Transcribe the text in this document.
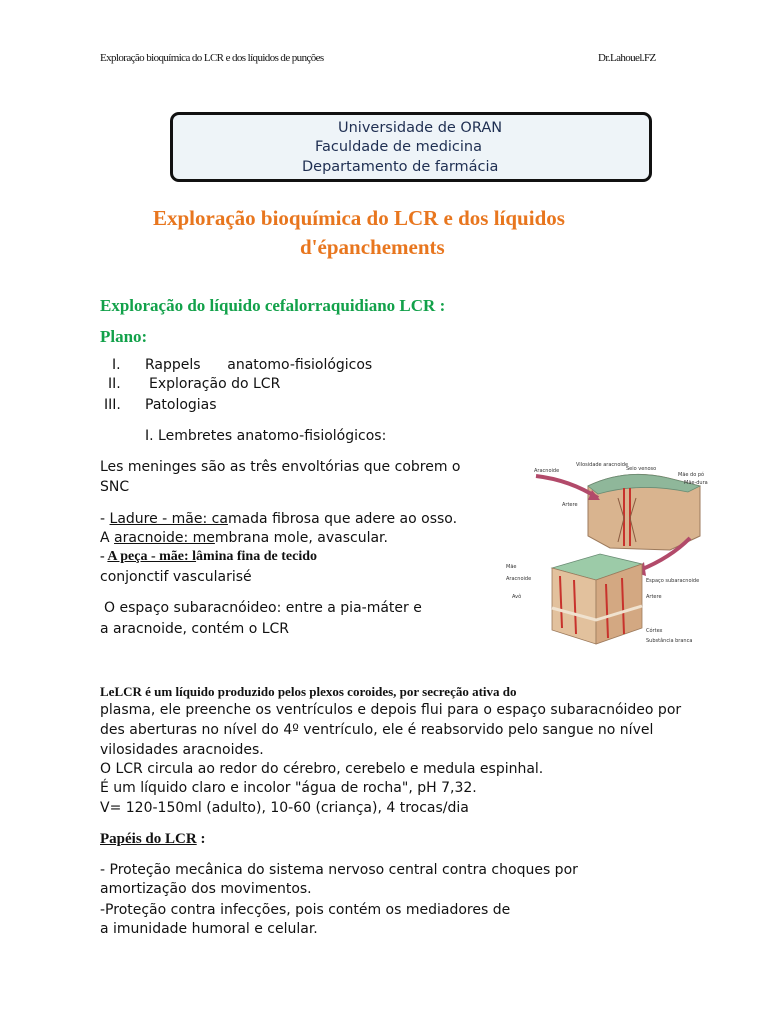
Exploração bioquímica do LCR e dos líquidos de punções	Dr.Lahouel.FZ
Universidade de ORAN
Faculdade de medicina
Departamento de farmácia
Exploração bioquímica do LCR e dos líquidos
d'épanchements
Exploração do líquido cefalorraquidiano LCR :
Plano:
I. Rappels      anatomo-fisiológicos
II. Exploração do LCR
III. Patologias
I. Lembretes anatomo-fisiológicos:
Les meninges são as três envoltórias que cobrem o
SNC
- Ladure - mãe: camada fibrosa que adere ao osso.
A aracnoide: membrana mole, avascular.
- A peça - mãe: lâmina fina de tecido
conjonctif vascularisé
O espaço subaracnóideo: entre a pia-máter e
a aracnoide, contém o LCR
Aracnoide
Vilosidade aracnoide
Seio venoso
Mãe do pó
Mãe-dura
Artere
Mãe
Aracnoide
Avô
Espaço subaracnoide
Artere
Córtex
Substância branca
LeLCR é um líquido produzido pelos plexos coroides, por secreção ativa do
plasma, ele preenche os ventrículos e depois flui para o espaço subaracnóideo por
des aberturas no nível do 4º ventrículo, ele é reabsorvido pelo sangue no nível
vilosidades aracnoides.
O LCR circula ao redor do cérebro, cerebelo e medula espinhal.
É um líquido claro e incolor "água de rocha", pH 7,32.
V= 120-150ml (adulto), 10-60 (criança), 4 trocas/dia
Papéis do LCR :
- Proteção mecânica do sistema nervoso central contra choques por
amortização dos movimentos.
-Proteção contra infecções, pois contém os mediadores de
a imunidade humoral e celular.
